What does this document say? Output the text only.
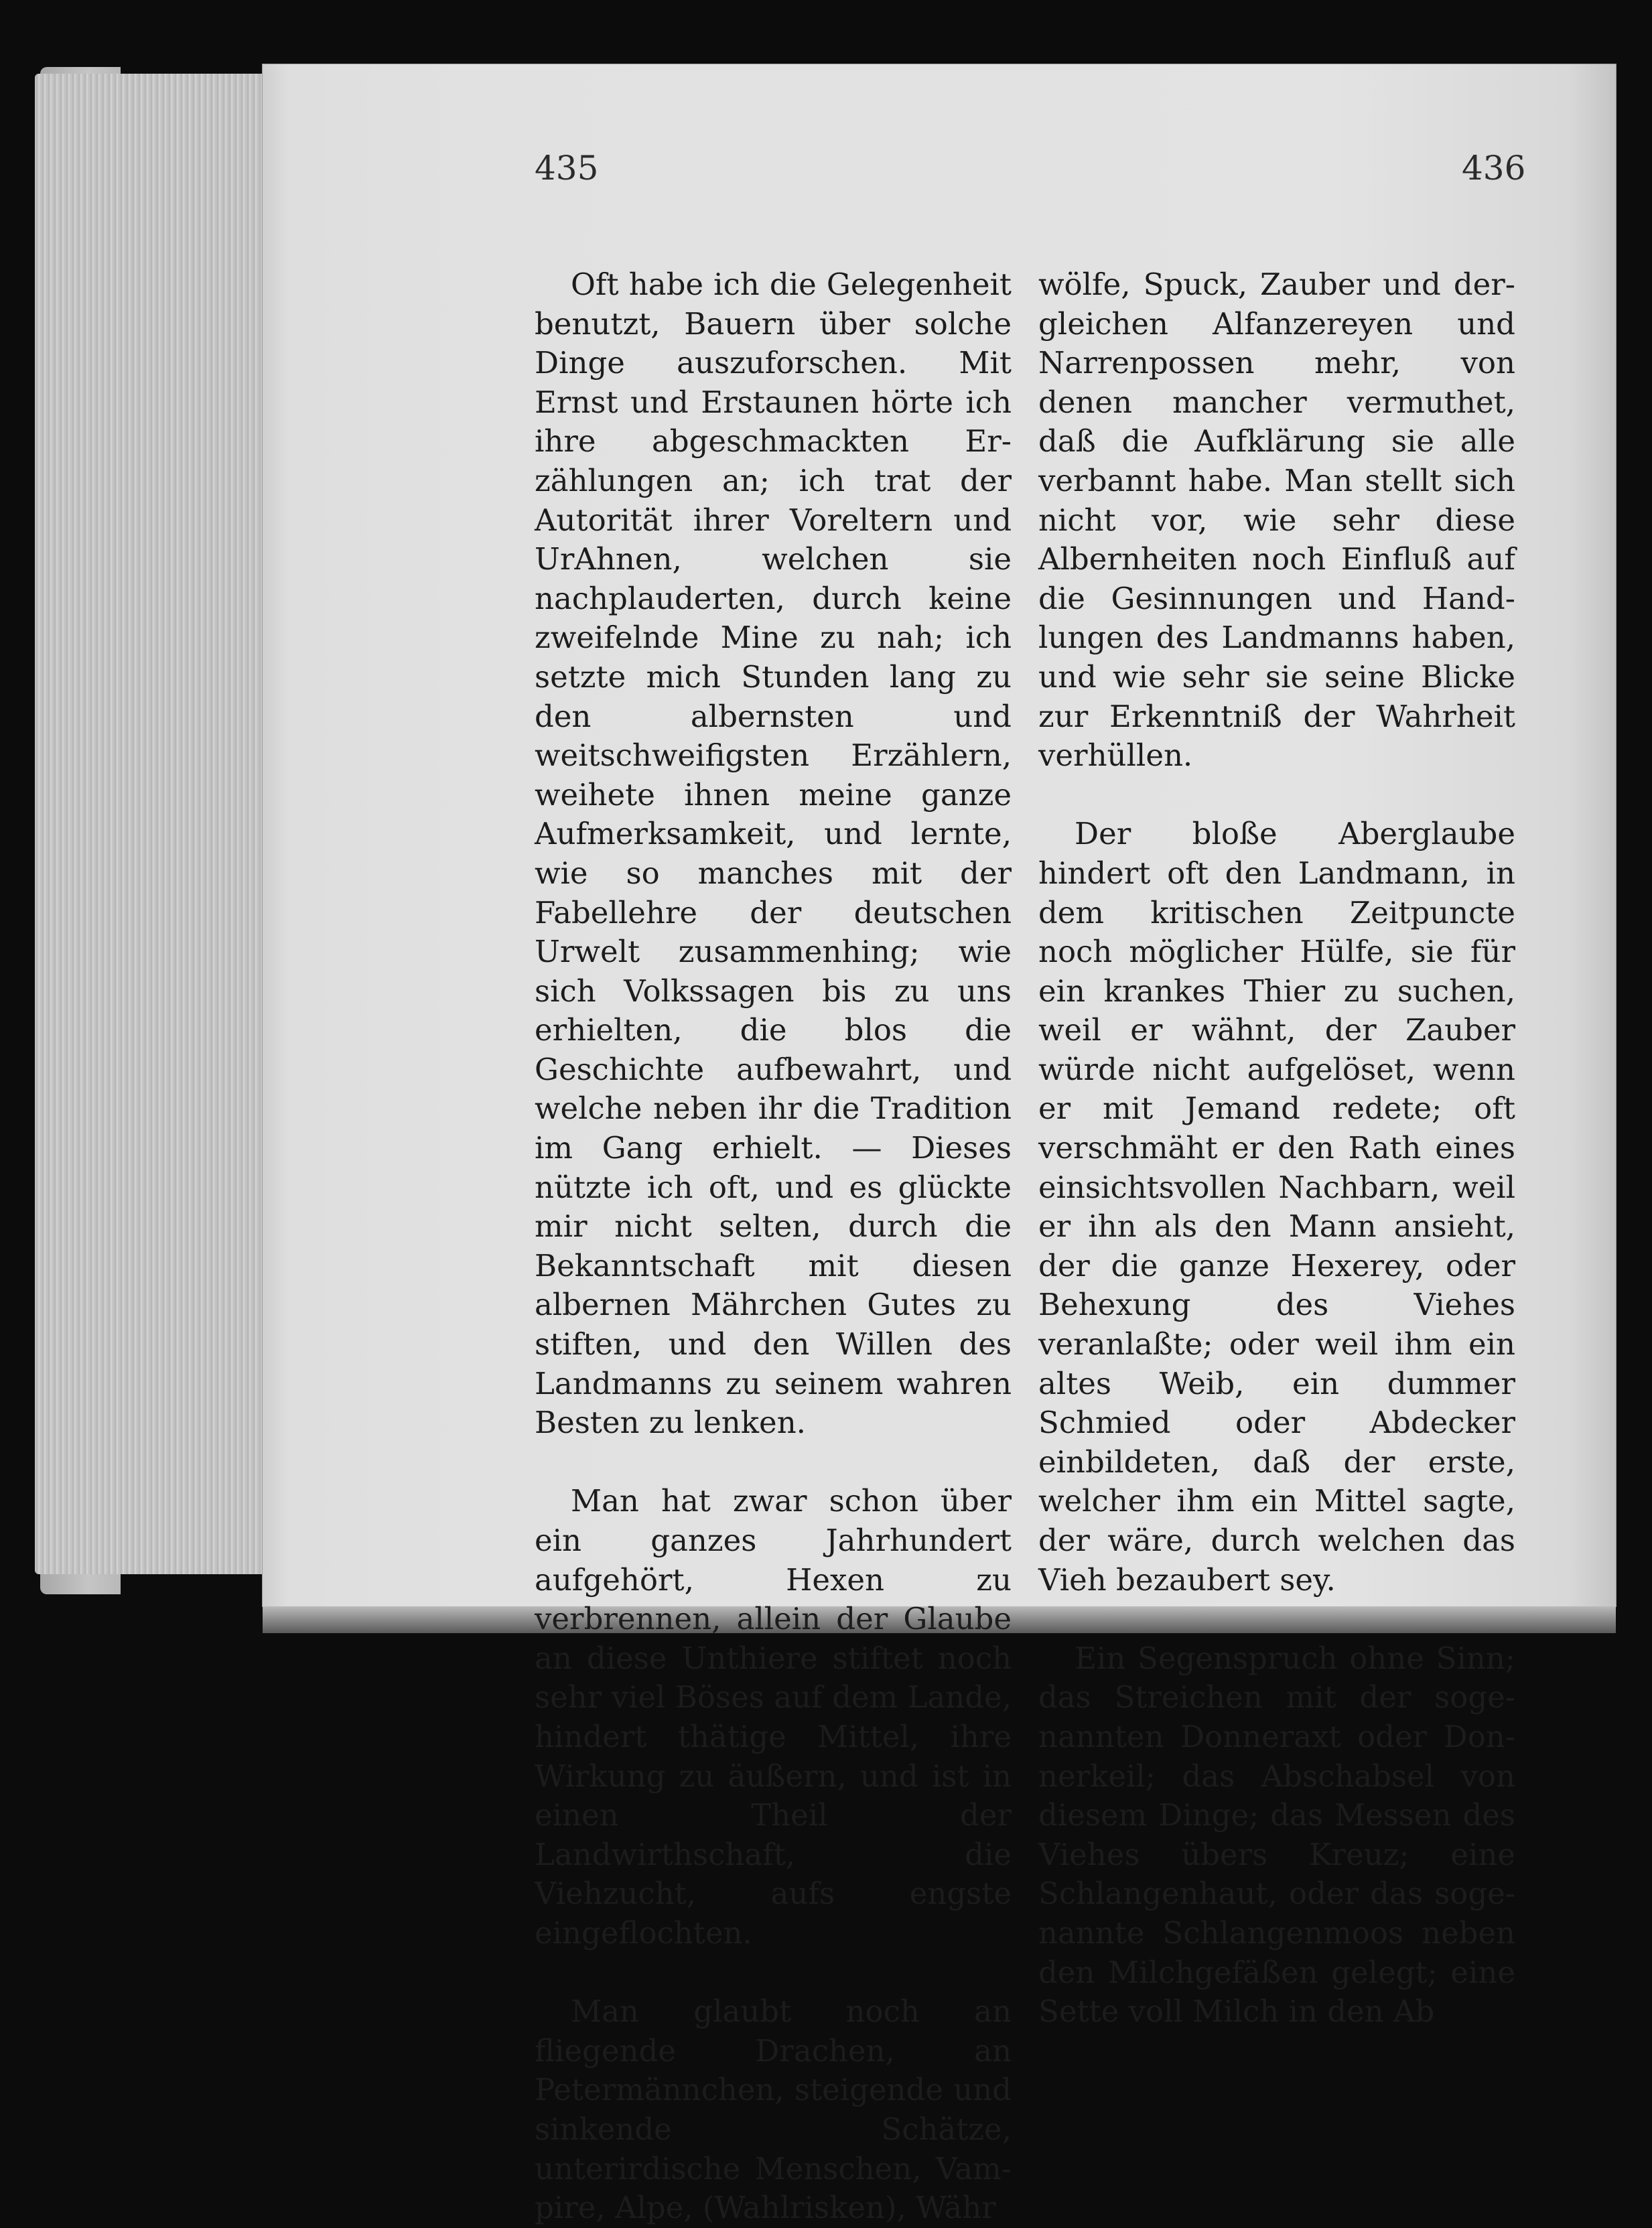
435	436

Oft habe ich die Gelegenheit benutzt, Bauern über solche Dinge auszuforschen. Mit Ernst und Erstaunen hörte ich ihre abgeschmackten Erzählungen an; ich trat der Autorität ihrer Voreltern und UrAhnen, welchen sie nachplauderten, durch keine zweifelnde Mine zu nah; ich setzte mich Stunden lang zu den albernsten und weitschweifigsten Erzählern, weihete ihnen meine ganze Aufmerksamkeit, und lernte, wie so manches mit der Fabellehre der deutschen Urwelt zusammenhing; wie sich Volkssagen bis zu uns erhielten, die blos die Geschichte aufbewahrt, und welche neben ihr die Tradition im Gang erhielt. — Dieses nützte ich oft, und es glückte mir nicht selten, durch die Bekanntschaft mit diesen albernen Mährchen Gutes zu stiften, und den Willen des Landmanns zu seinem wahren Besten zu lenken.

Man hat zwar schon über ein ganzes Jahrhundert aufgehört, Hexen zu verbrennen, allein der Glaube an diese Unthiere stiftet noch sehr viel Böses auf dem Lande, hindert thätige Mittel, ihre Wirkung zu äußern, und ist in einen Theil der Landwirthschaft, die Viehzucht, aufs engste eingeflochten.

Man glaubt noch an fliegende Drachen, an Petermännchen, steigende und sinkende Schätze, unterirdische Menschen, Vampire, Alpe, (Wahlrisken), Währ

wölfe, Spuck, Zauber und dergleichen Alfanzereyen und Narrenpossen mehr, von denen mancher vermuthet, daß die Aufklärung sie alle verbannt habe. Man stellt sich nicht vor, wie sehr diese Albernheiten noch Einfluß auf die Gesinnungen und Handlungen des Landmanns haben, und wie sehr sie seine Blicke zur Erkenntniß der Wahrheit verhüllen.

Der bloße Aberglaube hindert oft den Landmann, in dem kritischen Zeitpuncte noch möglicher Hülfe, sie für ein krankes Thier zu suchen, weil er wähnt, der Zauber würde nicht aufgelöset, wenn er mit Jemand redete; oft verschmäht er den Rath eines einsichtsvollen Nachbarn, weil er ihn als den Mann ansieht, der die ganze Hexerey, oder Behexung des Viehes veranlaßte; oder weil ihm ein altes Weib, ein dummer Schmied oder Abdecker einbildeten, daß der erste, welcher ihm ein Mittel sagte, der wäre, durch welchen das Vieh bezaubert sey.

Ein Segenspruch ohne Sinn; das Streichen mit der sogenannten Donneraxt oder Donnerkeil; das Abschabsel von diesem Dinge; das Messen des Viehes übers Kreuz; eine Schlangenhaut, oder das sogenannte Schlangenmoos neben den Milchgefäßen gelegt; eine Sette voll Milch in den Ab
